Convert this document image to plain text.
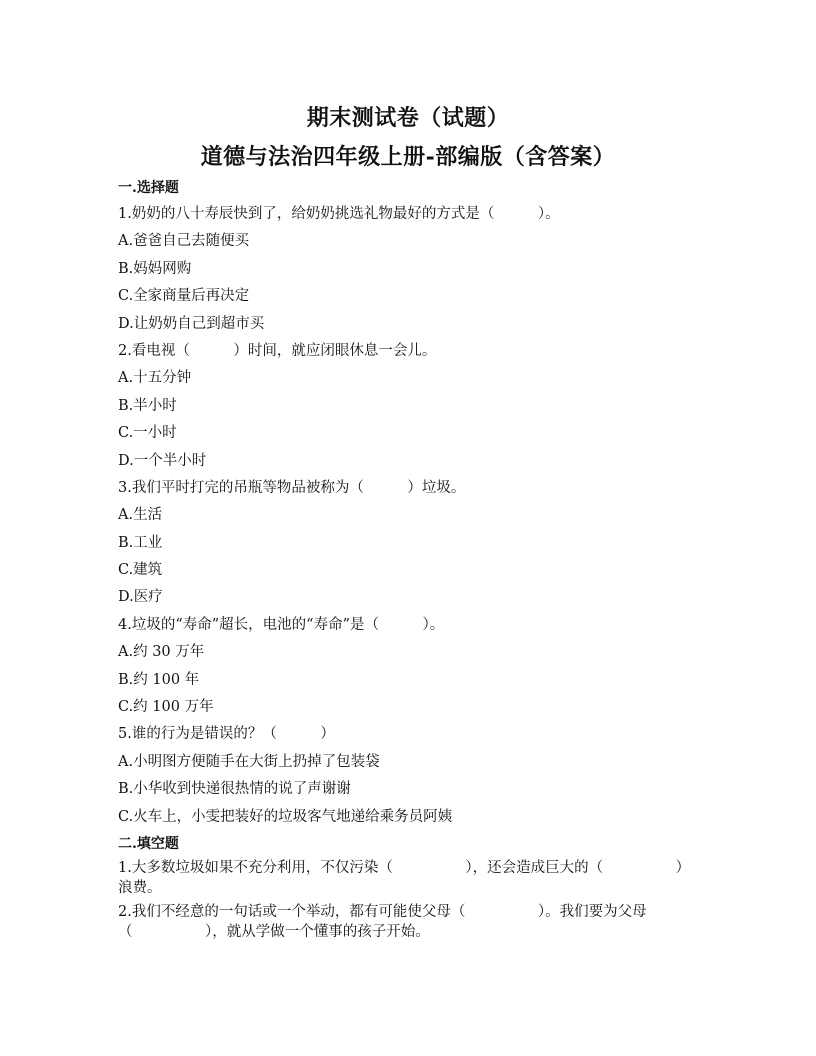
期末测试卷（试题）
道德与法治四年级上册-部编版（含答案）
一.选择题
1.奶奶的八十寿辰快到了，给奶奶挑选礼物最好的方式是（　　　）。
A.爸爸自己去随便买
B.妈妈网购
C.全家商量后再决定
D.让奶奶自己到超市买
2.看电视（　　　）时间，就应闭眼休息一会儿。
A.十五分钟
B.半小时
C.一小时
D.一个半小时
3.我们平时打完的吊瓶等物品被称为（　　　）垃圾。
A.生活
B.工业
C.建筑
D.医疗
4.垃圾的“寿命”超长，电池的“寿命”是（　　　）。
A.约 30 万年
B.约 100 年
C.约 100 万年
5.谁的行为是错误的？（　　　）
A.小明图方便随手在大街上扔掉了包装袋
B.小华收到快递很热情的说了声谢谢
C.火车上，小雯把装好的垃圾客气地递给乘务员阿姨
二.填空题
1.大多数垃圾如果不充分利用，不仅污染（　　　　　），还会造成巨大的（　　　　　）浪费。
2.我们不经意的一句话或一个举动，都有可能使父母（　　　　　）。我们要为父母（　　　　　），就从学做一个懂事的孩子开始。
